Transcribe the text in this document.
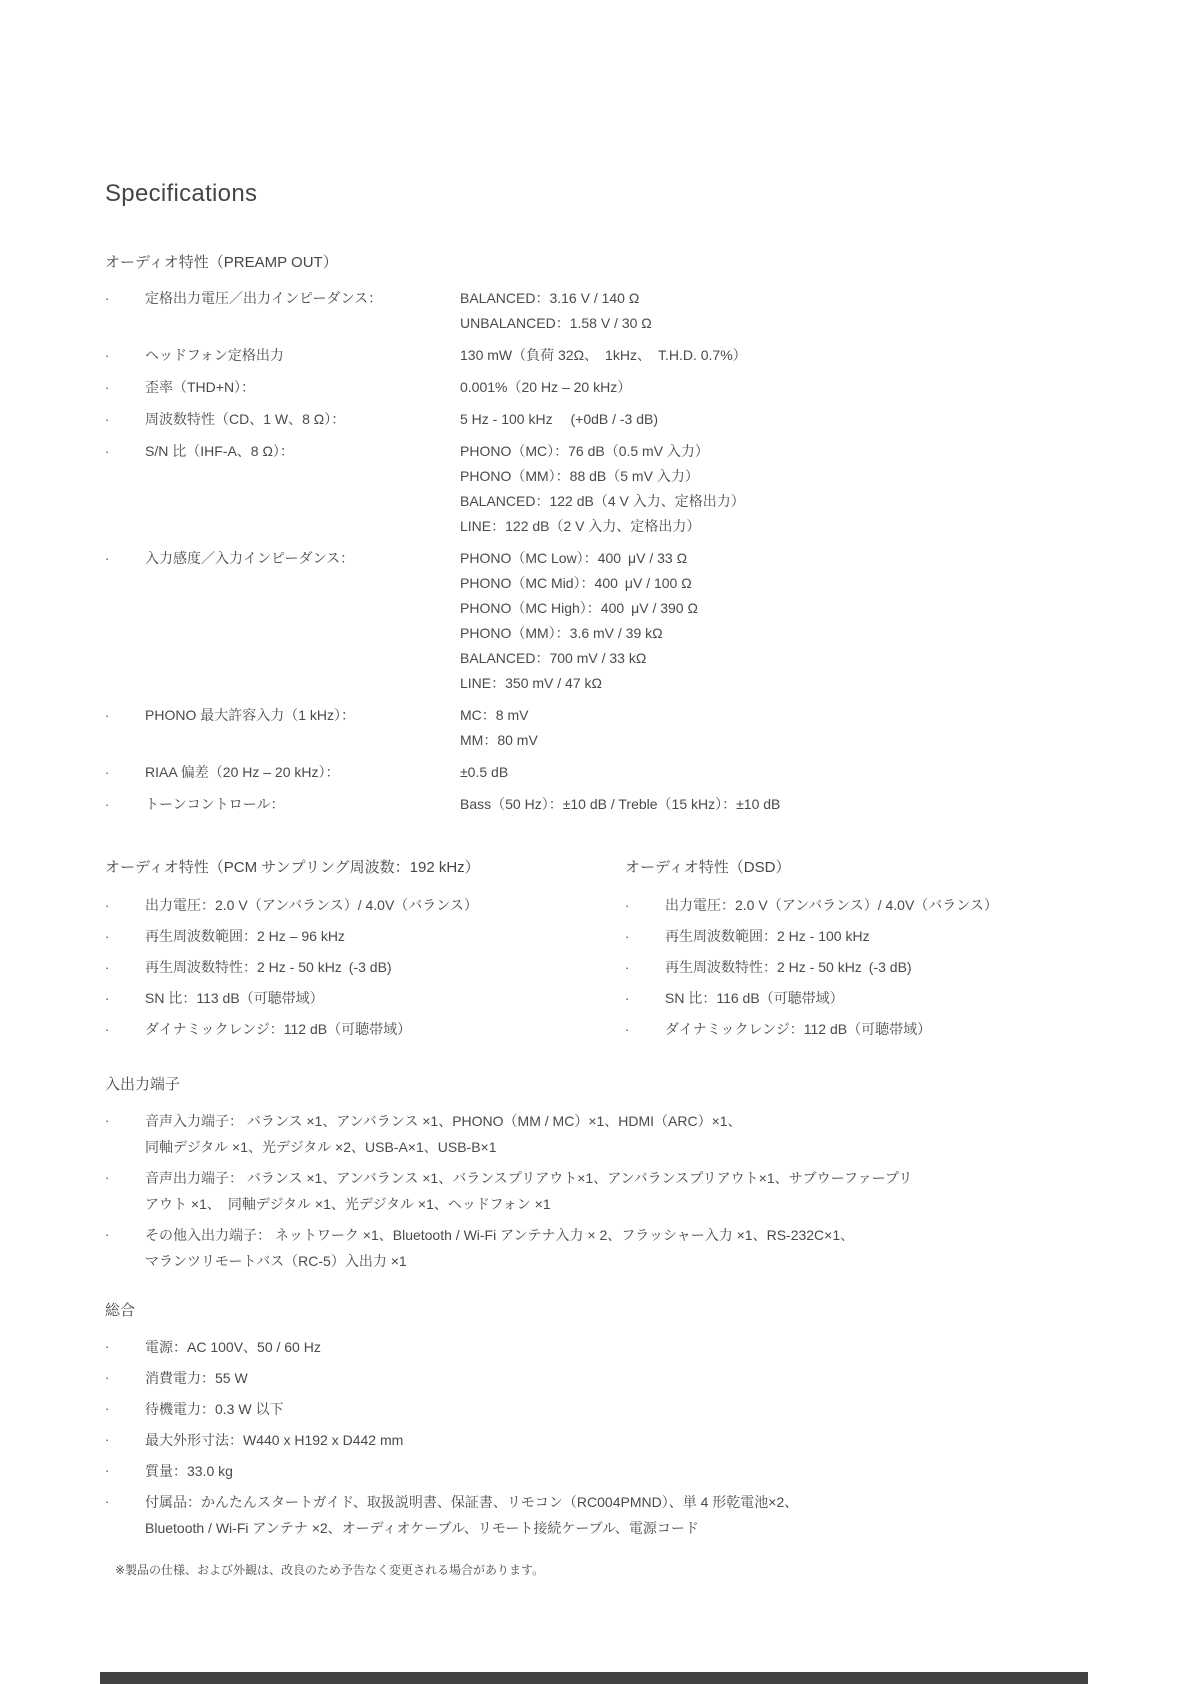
Specifications
オーディオ特性（PREAMP OUT）
·	定格出力電圧／出力インピーダンス：	BALANCED：3.16 V / 140 Ω
UNBALANCED：1.58 V / 30 Ω
·	ヘッドフォン定格出力	130 mW（負荷 32Ω、　1kHz、　T.H.D. 0.7%）
·	歪率（THD+N）：	0.001%（20 Hz – 20 kHz）
·	周波数特性（CD、1 W、8 Ω）：	5 Hz - 100 kHz 　(+0dB / -3 dB)
·	S/N 比（IHF-A、8 Ω）：	PHONO（MC）：76 dB（0.5 mV 入力）
PHONO（MM）：88 dB（5 mV 入力）
BALANCED：122 dB（4 V 入力、定格出力）
LINE：122 dB（2 V 入力、定格出力）
·	入力感度／入力インピーダンス：	PHONO（MC Low）：400 μV / 33 Ω
PHONO（MC Mid）：400 μV / 100 Ω
PHONO（MC High）：400 μV / 390 Ω
PHONO（MM）：3.6 mV / 39 kΩ
BALANCED：700 mV / 33 kΩ
LINE：350 mV / 47 kΩ
·	PHONO 最大許容入力（1 kHz）：	MC：8 mV
MM：80 mV
·	RIAA 偏差（20 Hz – 20 kHz）：	±0.5 dB
·	トーンコントロール：	Bass（50 Hz）：±10 dB / Treble（15 kHz）：±10 dB
オーディオ特性（PCM サンプリング周波数：192 kHz）
·	出力電圧：2.0 V（アンバランス）/ 4.0V（バランス）
·	再生周波数範囲：2 Hz – 96 kHz
·	再生周波数特性：2 Hz - 50 kHz (-3 dB)
·	SN 比：113 dB（可聴帯域）
·	ダイナミックレンジ：112 dB（可聴帯域）
オーディオ特性（DSD）
·	出力電圧：2.0 V（アンバランス）/ 4.0V（バランス）
·	再生周波数範囲：2 Hz - 100 kHz
·	再生周波数特性：2 Hz - 50 kHz (-3 dB)
·	SN 比：116 dB（可聴帯域）
·	ダイナミックレンジ：112 dB（可聴帯域）
入出力端子
·	音声入力端子： バランス ×1、アンバランス ×1、PHONO（MM / MC）×1、HDMI（ARC）×1、
同軸デジタル ×1、光デジタル ×2、USB-A×1、USB-B×1
·	音声出力端子： バランス ×1、アンバランス ×1、バランスプリアウト×1、アンバランスプリアウト×1、サブウーファープリ
アウト ×1、　同軸デジタル ×1、光デジタル ×1、ヘッドフォン ×1
·	その他入出力端子： ネットワーク ×1、Bluetooth / Wi-Fi アンテナ入力 × 2、フラッシャー入力 ×1、RS-232C×1、
マランツリモートバス（RC-5）入出力 ×1
総合
·	電源：AC 100V、50 / 60 Hz
·	消費電力：55 W
·	待機電力：0.3 W 以下
·	最大外形寸法：W440 x H192 x D442 mm
·	質量：33.0 kg
·	付属品：かんたんスタートガイド、取扱説明書、保証書、リモコン（RC004PMND）、単 4 形乾電池×2、
Bluetooth / Wi-Fi アンテナ ×2、オーディオケーブル、リモート接続ケーブル、電源コード
※製品の仕様、および外観は、改良のため予告なく変更される場合があります。
